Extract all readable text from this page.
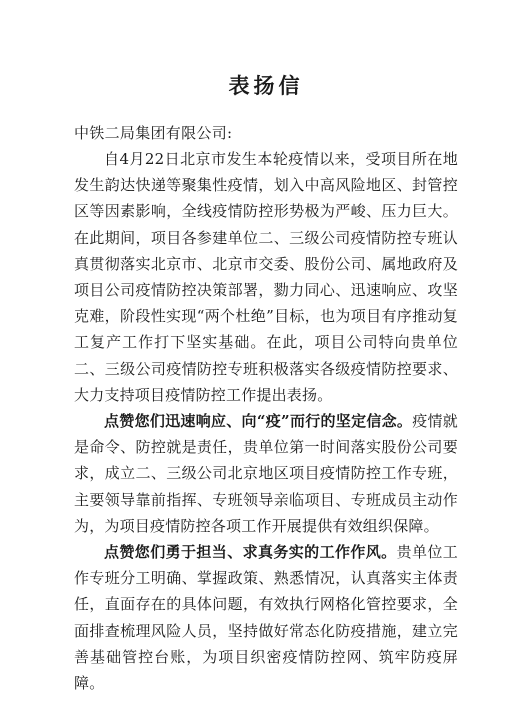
表扬信

中铁二局集团有限公司:

自4月22日北京市发生本轮疫情以来，受项目所在地发生韵达快递等聚集性疫情，划入中高风险地区、封管控区等因素影响，全线疫情防控形势极为严峻、压力巨大。在此期间，项目各参建单位二、三级公司疫情防控专班认真贯彻落实北京市、北京市交委、股份公司、属地政府及项目公司疫情防控决策部署，勠力同心、迅速响应、攻坚克难，阶段性实现“两个杜绝”目标，也为项目有序推动复工复产工作打下坚实基础。在此，项目公司特向贵单位二、三级公司疫情防控专班积极落实各级疫情防控要求、大力支持项目疫情防控工作提出表扬。

点赞您们迅速响应、向“疫”而行的坚定信念。疫情就是命令、防控就是责任，贵单位第一时间落实股份公司要求，成立二、三级公司北京地区项目疫情防控工作专班，主要领导靠前指挥、专班领导亲临项目、专班成员主动作为，为项目疫情防控各项工作开展提供有效组织保障。

点赞您们勇于担当、求真务实的工作作风。贵单位工作专班分工明确、掌握政策、熟悉情况，认真落实主体责任，直面存在的具体问题，有效执行网格化管控要求，全面排查梳理风险人员，坚持做好常态化防疫措施，建立完善基础管控台账，为项目织密疫情防控网、筑牢防疫屏障。
